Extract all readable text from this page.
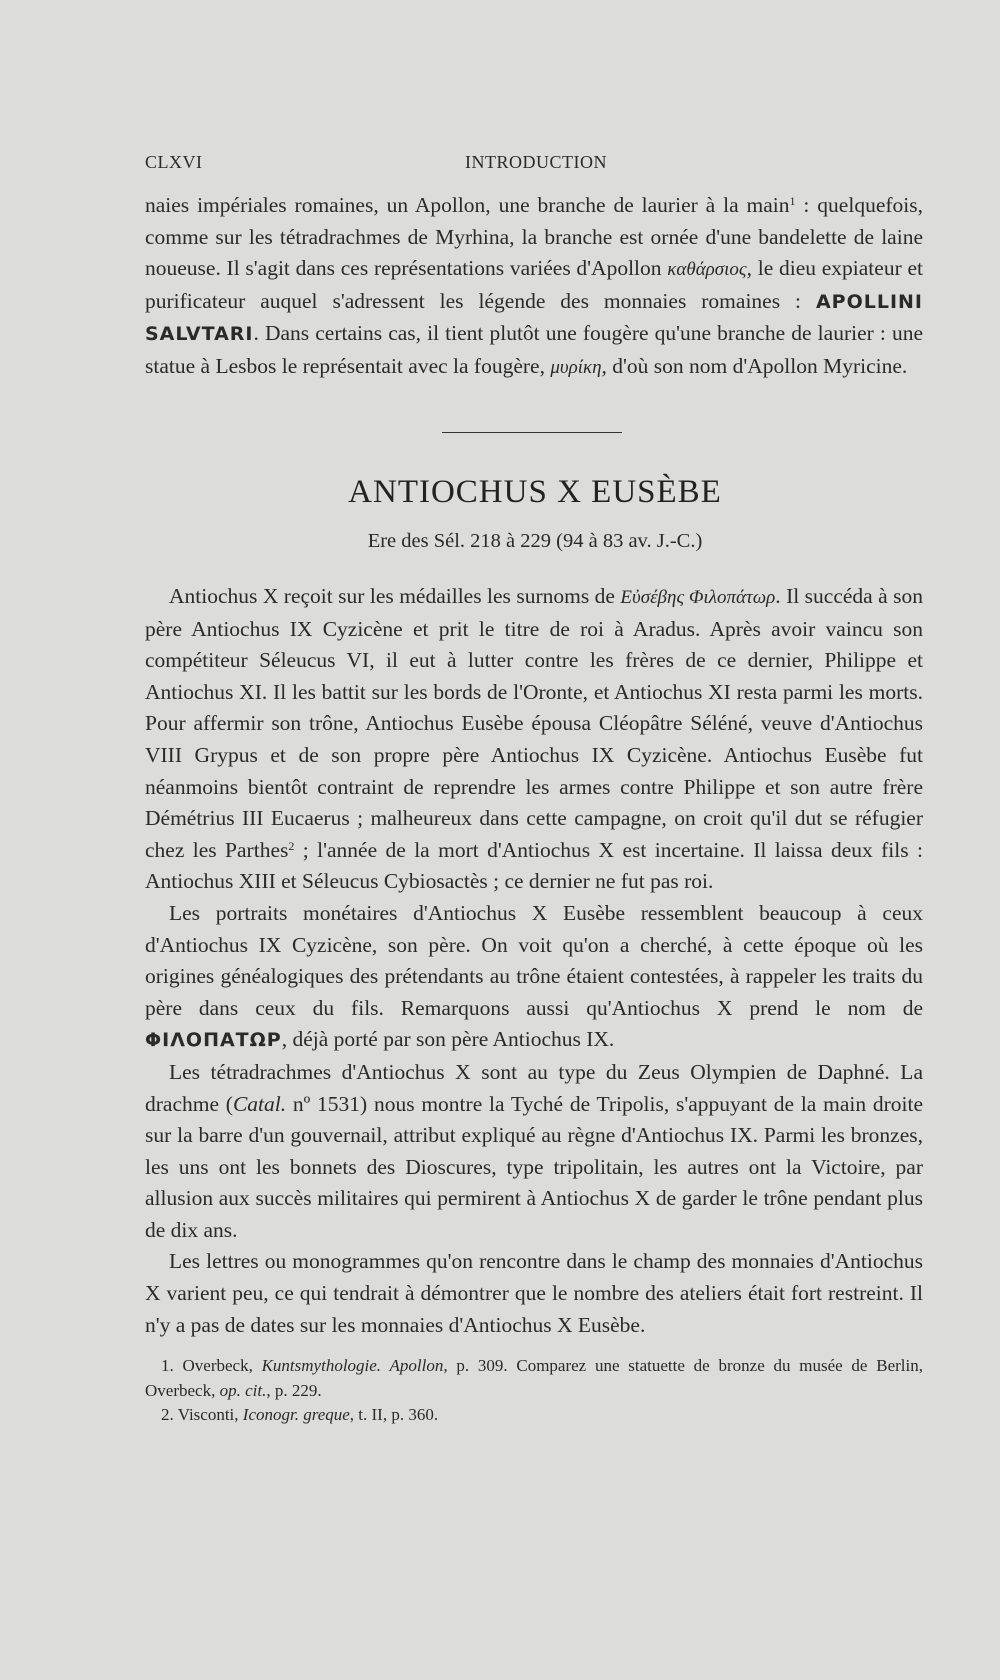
CLXVI	INTRODUCTION

naies impériales romaines, un Apollon, une branche de laurier à la main$^1$ : quelquefois, comme sur les tétradrachmes de Myrhina, la branche est ornée d'une bandelette de laine noueuse. Il s'agit dans ces représentations variées d'Apollon καθάρσιος, le dieu expiateur et purificateur auquel s'adressent les légende des monnaies romaines : APOLLINI SALVTARI. Dans certains cas, il tient plutôt une fougère qu'une branche de laurier : une statue à Lesbos le représentait avec la fougère, μυρίκη, d'où son nom d'Apollon Myricine.

ANTIOCHUS X EUSÈBE
Ere des Sél. 218 à 229 (94 à 83 av. J.-C.)

Antiochus X reçoit sur les médailles les surnoms de Εὐσέβης Φιλοπάτωρ. Il succéda à son père Antiochus IX Cyzicène et prit le titre de roi à Aradus. Après avoir vaincu son compétiteur Séleucus VI, il eut à lutter contre les frères de ce dernier, Philippe et Antiochus XI. Il les battit sur les bords de l'Oronte, et Antiochus XI resta parmi les morts. Pour affermir son trône, Antiochus Eusèbe épousa Cléopâtre Séléné, veuve d'Antiochus VIII Grypus et de son propre père Antiochus IX Cyzicène. Antiochus Eusèbe fut néanmoins bientôt contraint de reprendre les armes contre Philippe et son autre frère Démétrius III Eucaerus ; malheureux dans cette campagne, on croit qu'il dut se réfugier chez les Parthes$^2$ ; l'année de la mort d'Antiochus X est incertaine. Il laissa deux fils : Antiochus XIII et Séleucus Cybiosactès ; ce dernier ne fut pas roi.

Les portraits monétaires d'Antiochus X Eusèbe ressemblent beaucoup à ceux d'Antiochus IX Cyzicène, son père. On voit qu'on a cherché, à cette époque où les origines généalogiques des prétendants au trône étaient contestées, à rappeler les traits du père dans ceux du fils. Remarquons aussi qu'Antiochus X prend le nom de ΦΙΛΟΠΑΤΩΡ, déjà porté par son père Antiochus IX.

Les tétradrachmes d'Antiochus X sont au type du Zeus Olympien de Daphné. La drachme (Catal. nº 1531) nous montre la Tyché de Tripolis, s'appuyant de la main droite sur la barre d'un gouvernail, attribut expliqué au règne d'Antiochus IX. Parmi les bronzes, les uns ont les bonnets des Dioscures, type tripolitain, les autres ont la Victoire, par allusion aux succès militaires qui permirent à Antiochus X de garder le trône pendant plus de dix ans.

Les lettres ou monogrammes qu'on rencontre dans le champ des monnaies d'Antiochus X varient peu, ce qui tendrait à démontrer que le nombre des ateliers était fort restreint. Il n'y a pas de dates sur les monnaies d'Antiochus X Eusèbe.

1. Overbeck, Kuntsmythologie. Apollon, p. 309. Comparez une statuette de bronze du musée de Berlin, Overbeck, op. cit., p. 229.

2. Visconti, Iconogr. greque, t. II, p. 360.
